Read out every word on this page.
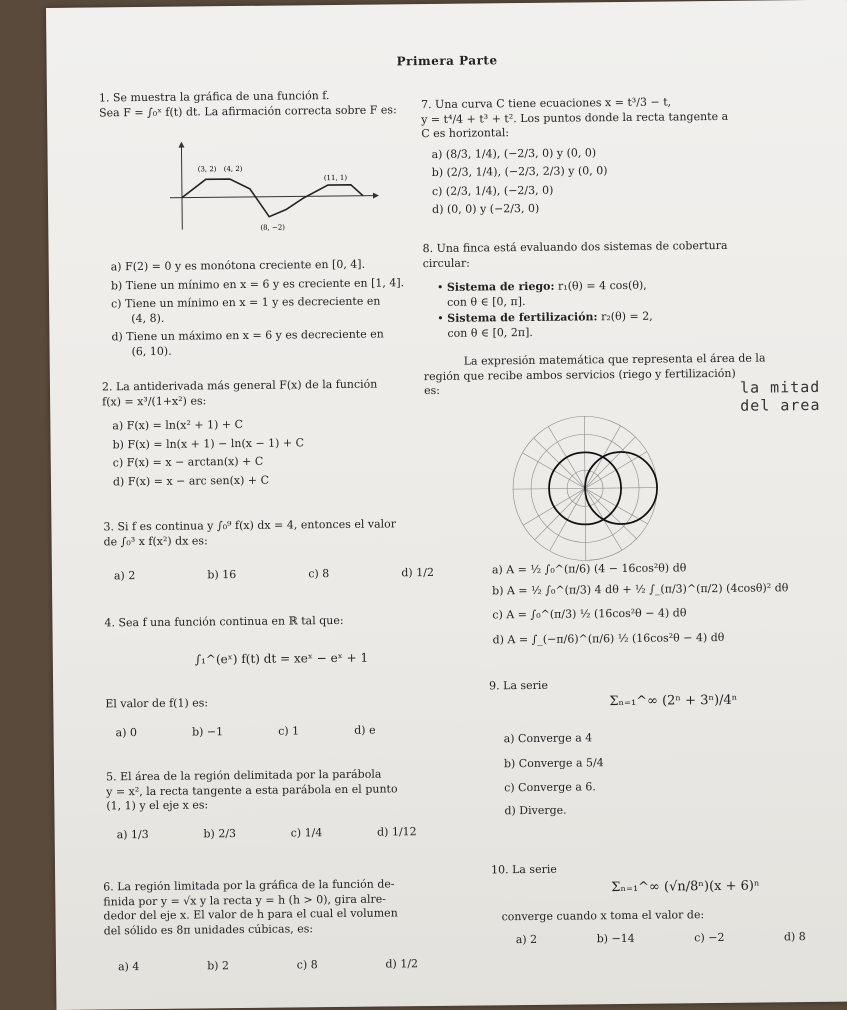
Primera Parte

1. Se muestra la gráfica de una función f.

Sea F = ∫₀ˣ f(t) dt. La afirmación correcta sobre F es:

(3, 2) (4, 2)
(11, 1)
(8, −2)

a) F(2) = 0 y es monótona creciente en [0, 4].

b) Tiene un mínimo en x = 6 y es creciente en [1, 4].

c) Tiene un mínimo en x = 1 y es decreciente en

(4, 8).

d) Tiene un máximo en x = 6 y es decreciente en

(6, 10).

2. La antiderivada más general F(x) de la función

f(x) = x³/(1+x²) es:

a) F(x) = ln(x² + 1) + C

b) F(x) = ln(x + 1) − ln(x − 1) + C

c) F(x) = x − arctan(x) + C

d) F(x) = x − arc sen(x) + C

3. Si f es continua y ∫₀⁹ f(x) dx = 4, entonces el valor

de ∫₀³ x f(x²) dx es:

a) 2	b) 16	c) 8	d) 1/2

4. Sea f una función continua en ℝ tal que:

∫₁^(eˣ) f(t) dt = xeˣ − eˣ + 1

El valor de f(1) es:

a) 0	b) −1	c) 1	d) e

5. El área de la región delimitada por la parábola

y = x², la recta tangente a esta parábola en el punto

(1, 1) y el eje x es:

a) 1/3	b) 2/3	c) 1/4	d) 1/12

6. La región limitada por la gráfica de la función de-

finida por y = √x y la recta y = h (h > 0), gira alre-

dedor del eje x. El valor de h para el cual el volumen

del sólido es 8π unidades cúbicas, es:

a) 4	b) 2	c) 8	d) 1/2

7. Una curva C tiene ecuaciones x = t³/3 − t,

y = t⁴/4 + t³ + t². Los puntos donde la recta tangente a

C es horizontal:

a) (8/3, 1/4), (−2/3, 0) y (0, 0)

b) (2/3, 1/4), (−2/3, 2/3) y (0, 0)

c) (2/3, 1/4), (−2/3, 0)

d) (0, 0) y (−2/3, 0)

8. Una finca está evaluando dos sistemas de cobertura

circular:

• Sistema de riego: r₁(θ) = 4 cos(θ),

con θ ∈ [0, π].

• Sistema de fertilización: r₂(θ) = 2,

con θ ∈ [0, 2π].

La expresión matemática que representa el área de la

región que recibe ambos servicios (riego y fertilización)

es:	la mitad
del area

a) A = ½ ∫₀^(π/6) (4 − 16cos²θ) dθ

b) A = ½ ∫₀^(π/3) 4 dθ + ½ ∫_(π/3)^(π/2) (4cosθ)² dθ

c) A = ∫₀^(π/3) ½ (16cos²θ − 4) dθ

d) A = ∫_(−π/6)^(π/6) ½ (16cos²θ − 4) dθ

9. La serie

Σₙ₌₁^∞ (2ⁿ + 3ⁿ)/4ⁿ

a) Converge a 4

b) Converge a 5/4

c) Converge a 6.

d) Diverge.

10. La serie

Σₙ₌₁^∞ (√n/8ⁿ)(x + 6)ⁿ

converge cuando x toma el valor de:

a) 2	b) −14	c) −2	d) 8
